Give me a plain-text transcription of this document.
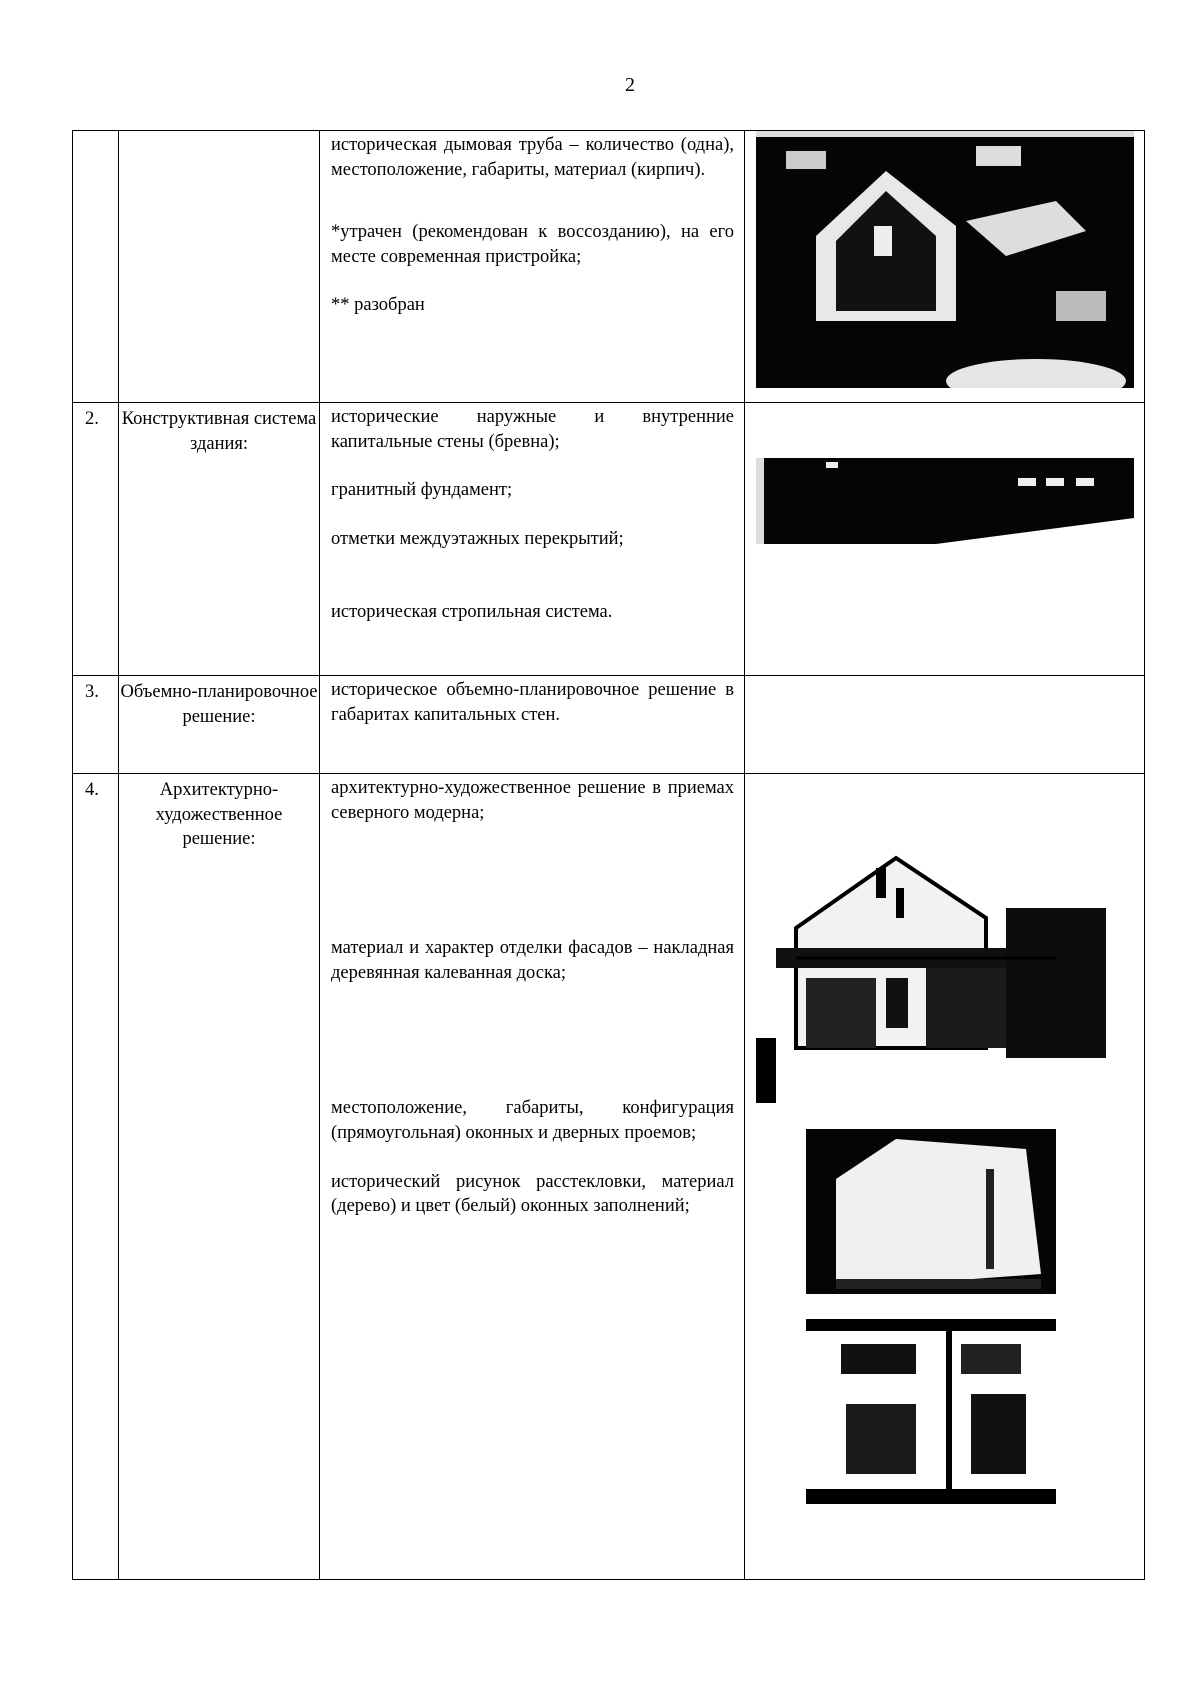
2

		историческая дымовая труба – количество (одна), местоположение, габариты, материал (кирпич).

*утрачен (рекомендован к воссозданию), на его месте современная пристройка;

** разобран

2.	Конструктивная система здания:	исторические наружные и внутренние капитальные стены (бревна);

гранитный фундамент;

отметки междуэтажных перекрытий;

историческая стропильная система.

3.	Объемно-планировочное решение:	историческое объемно-планировочное решение в габаритах капитальных стен.	

4.	Архитектурно-художественное решение:	архитектурно-художественное решение в приемах северного модерна;

материал и характер отделки фасадов – накладная деревянная калеванная доска;

местоположение, габариты, конфигурация (прямоугольная) оконных и дверных проемов;

исторический рисунок расстекловки, материал (дерево) и цвет (белый) оконных заполнений;
